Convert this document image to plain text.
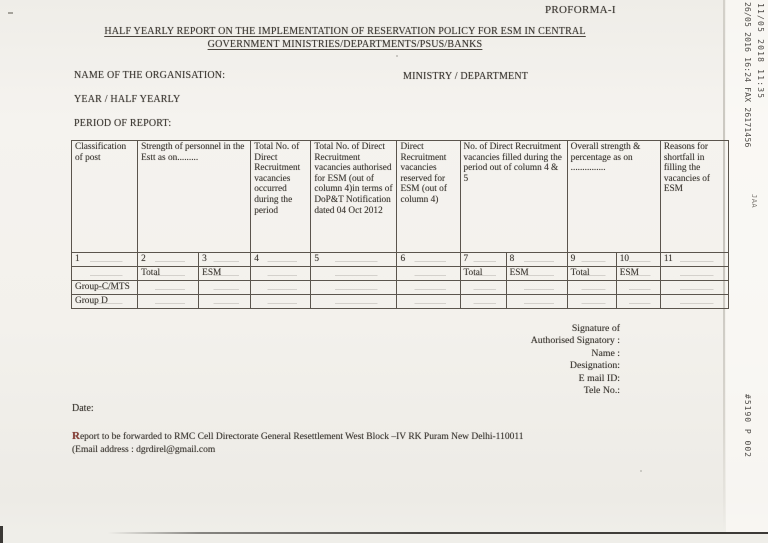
PROFORMA-I
HALF YEARLY REPORT ON THE IMPLEMENTATION OF RESERVATION POLICY FOR ESM IN CENTRAL
GOVERNMENT MINISTRIES/DEPARTMENTS/PSUS/BANKS
NAME OF THE ORGANISATION:	MINISTRY / DEPARTMENT
YEAR / HALF YEARLY
PERIOD OF REPORT:
Classification of post	Strength of personnel in the Estt as on.........		Total No. of Direct Recruitment vacancies occurred during the period	Total No. of Direct Recruitment vacancies authorised for ESM (out of column 4)in terms of DoP&T Notification dated 04 Oct 2012	Direct Recruitment vacancies reserved for ESM (out of column 4)	No. of Direct Recruitment vacancies filled during the period out of column 4 & 5		Overall strength & percentage as on ...............		Reasons for shortfall in filling the vacancies of ESM
1	2	3	4	5	6	7	8	9	10	11
	Total	ESM				Total	ESM	Total	ESM	
Group-C/MTS										
Group D										
Signature of
Authorised Signatory :
Name :
Designation:
E mail ID:
Tele No.:
Date:
Report to be forwarded to RMC Cell Directorate General Resettlement West Block –IV RK Puram New Delhi-110011
(Email address : dgrdirel@gmail.com
11/05 2018 11:35
26/05 2016 16:24 FAX 26171456
JAA
#5190 P 002
